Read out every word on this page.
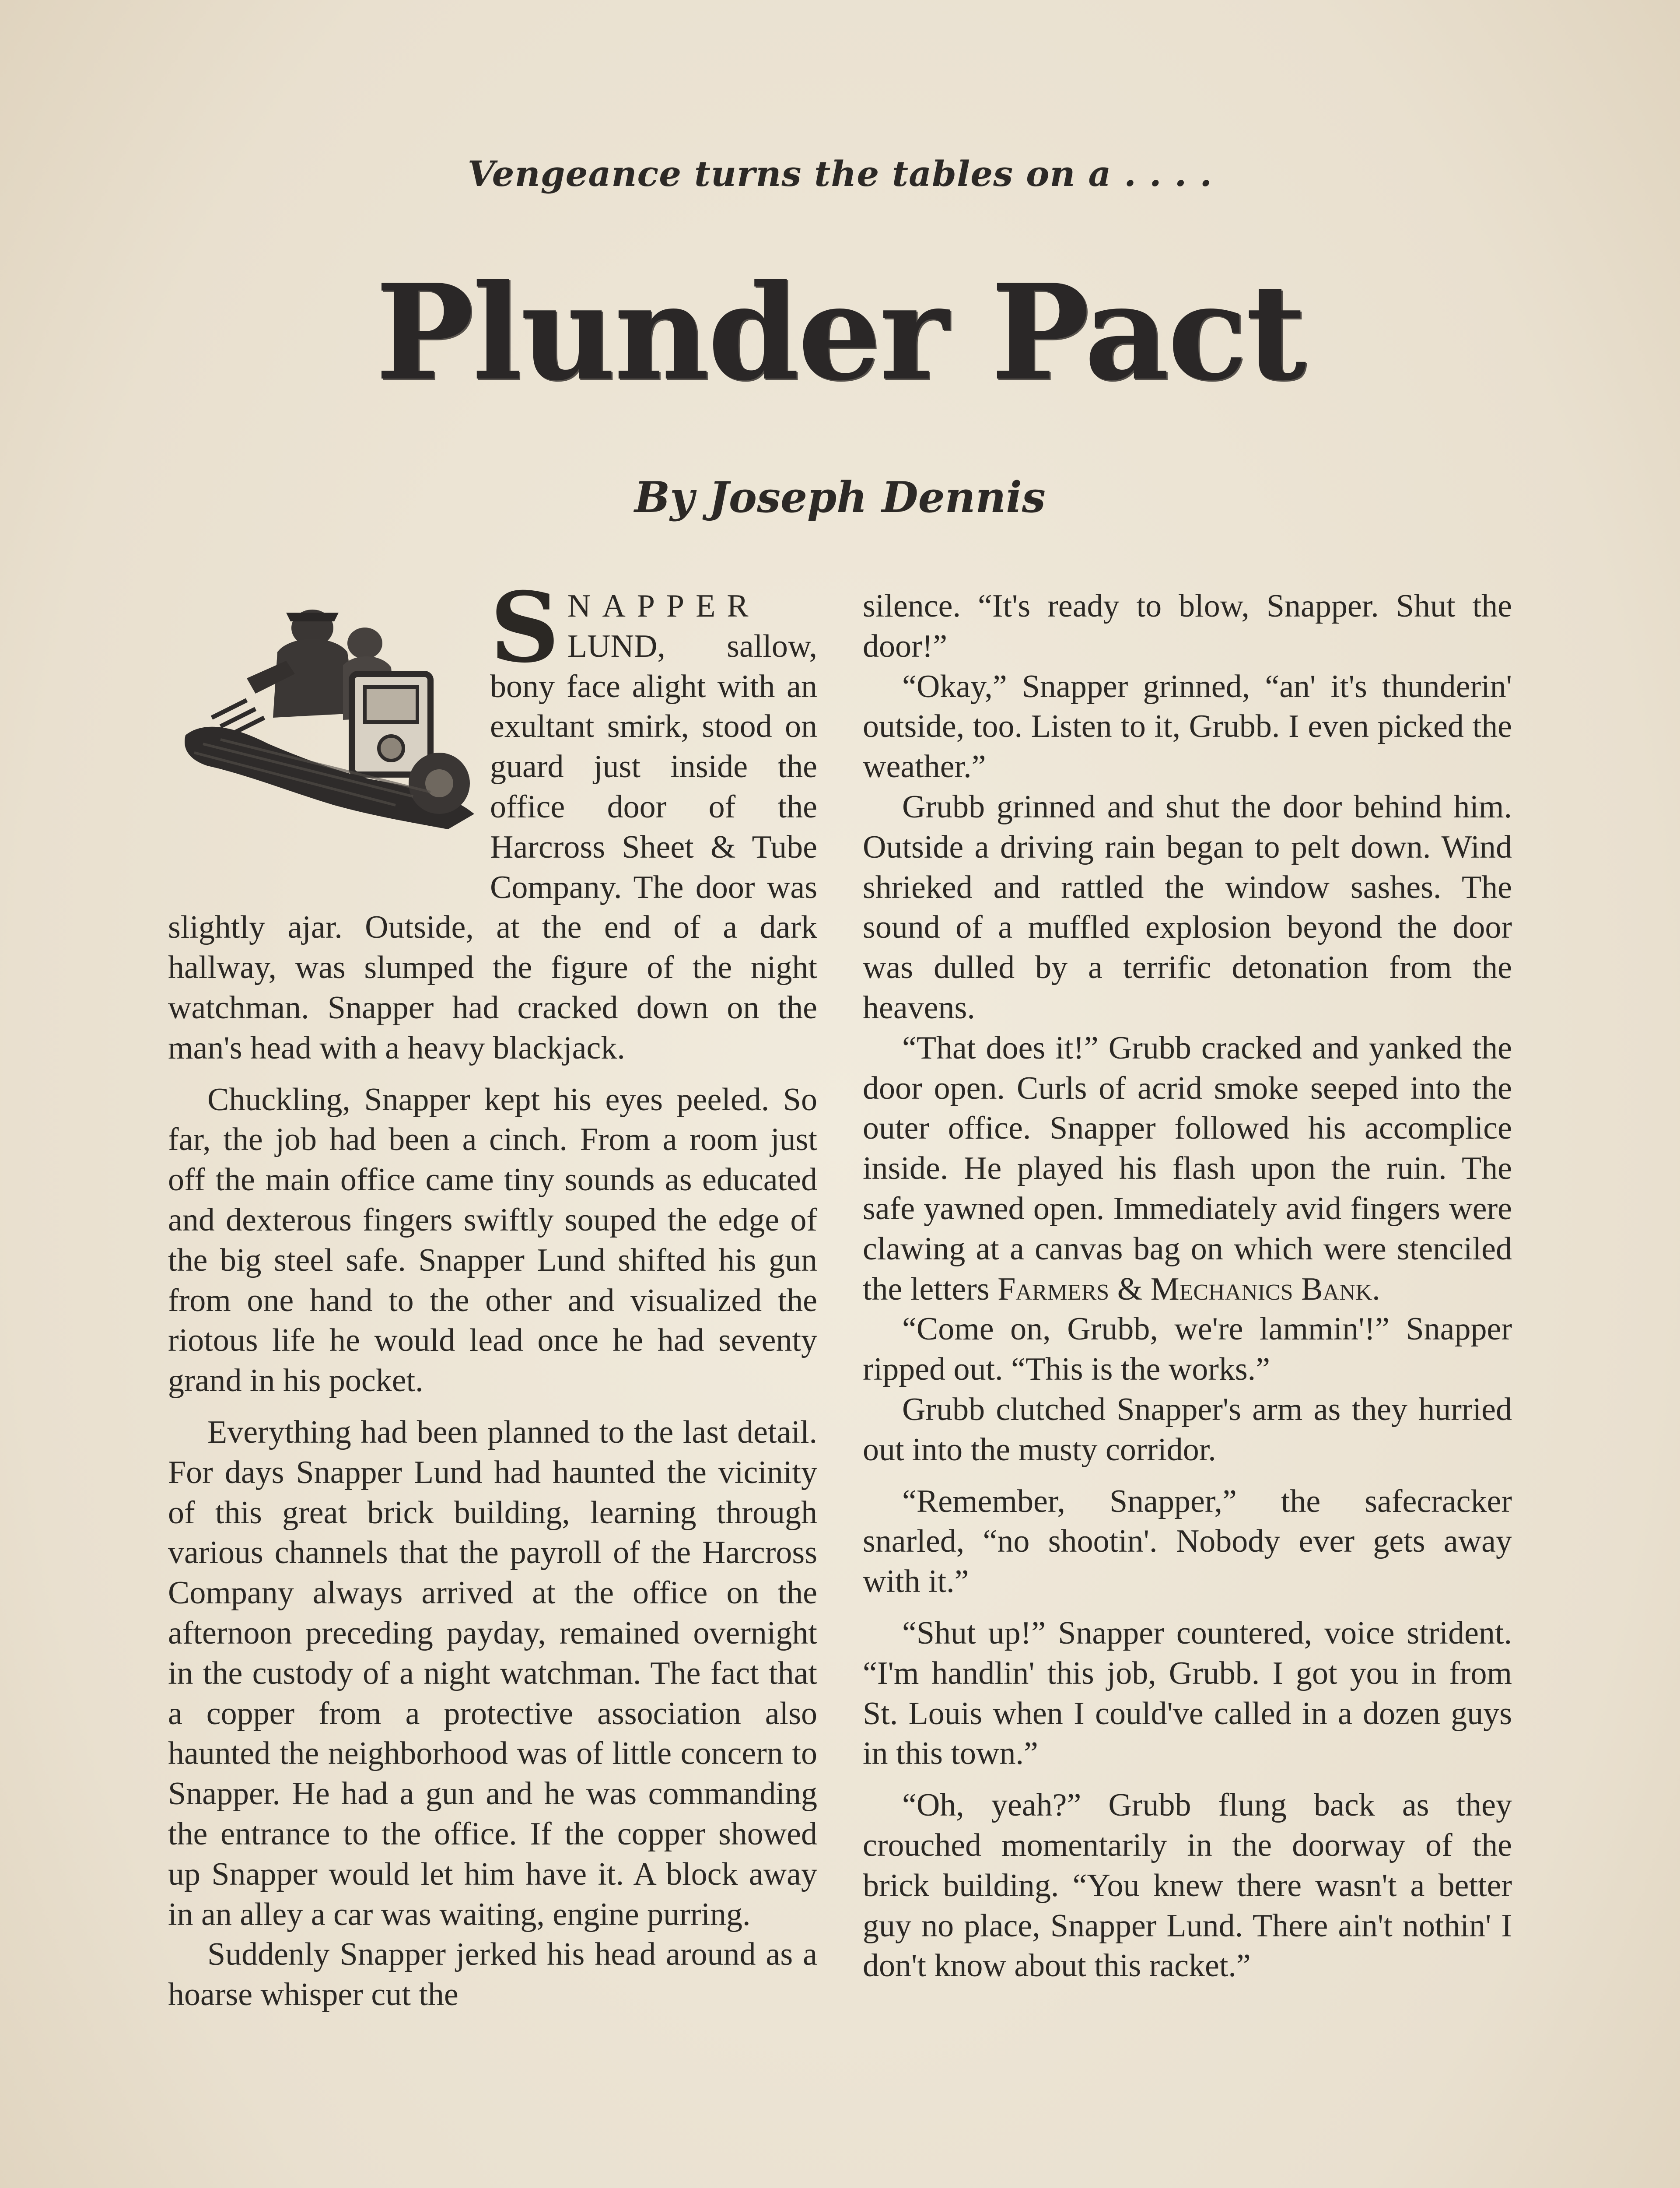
Vengeance turns the tables on a . . . .
Plunder Pact
By Joseph Dennis

SNAPPER LUND, sallow, bony face alight with an exultant smirk, stood on guard just inside the office door of the Harcross Sheet & Tube Company. The door was slightly ajar. Outside, at the end of a dark hallway, was slumped the figure of the night watchman. Snapper had cracked down on the man's head with a heavy blackjack.

Chuckling, Snapper kept his eyes peeled. So far, the job had been a cinch. From a room just off the main office came tiny sounds as educated and dexterous fingers swiftly souped the edge of the big steel safe. Snapper Lund shifted his gun from one hand to the other and visualized the riotous life he would lead once he had seventy grand in his pocket.

Everything had been planned to the last detail. For days Snapper Lund had haunted the vicinity of this great brick building, learning through various channels that the payroll of the Harcross Company always arrived at the office on the afternoon preceding payday, remained overnight in the custody of a night watchman. The fact that a copper from a protective association also haunted the neighborhood was of little concern to Snapper. He had a gun and he was commanding the entrance to the office. If the copper showed up Snapper would let him have it. A block away in an alley a car was waiting, engine purring.

Suddenly Snapper jerked his head around as a hoarse whisper cut the

silence. “It's ready to blow, Snapper. Shut the door!”

“Okay,” Snapper grinned, “an' it's thunderin' outside, too. Listen to it, Grubb. I even picked the weather.”

Grubb grinned and shut the door behind him. Outside a driving rain began to pelt down. Wind shrieked and rattled the window sashes. The sound of a muffled explosion beyond the door was dulled by a terrific detonation from the heavens.

“That does it!” Grubb cracked and yanked the door open. Curls of acrid smoke seeped into the outer office. Snapper followed his accomplice inside. He played his flash upon the ruin. The safe yawned open. Immediately avid fingers were clawing at a canvas bag on which were stenciled the letters Farmers & Mechanics Bank.

“Come on, Grubb, we're lammin'!” Snapper ripped out. “This is the works.”

Grubb clutched Snapper's arm as they hurried out into the musty corridor.

“Remember, Snapper,” the safecracker snarled, “no shootin'. Nobody ever gets away with it.”

“Shut up!” Snapper countered, voice strident. “I'm handlin' this job, Grubb. I got you in from St. Louis when I could've called in a dozen guys in this town.”

“Oh, yeah?” Grubb flung back as they crouched momentarily in the doorway of the brick building. “You knew there wasn't a better guy no place, Snapper Lund. There ain't nothin' I don't know about this racket.”
